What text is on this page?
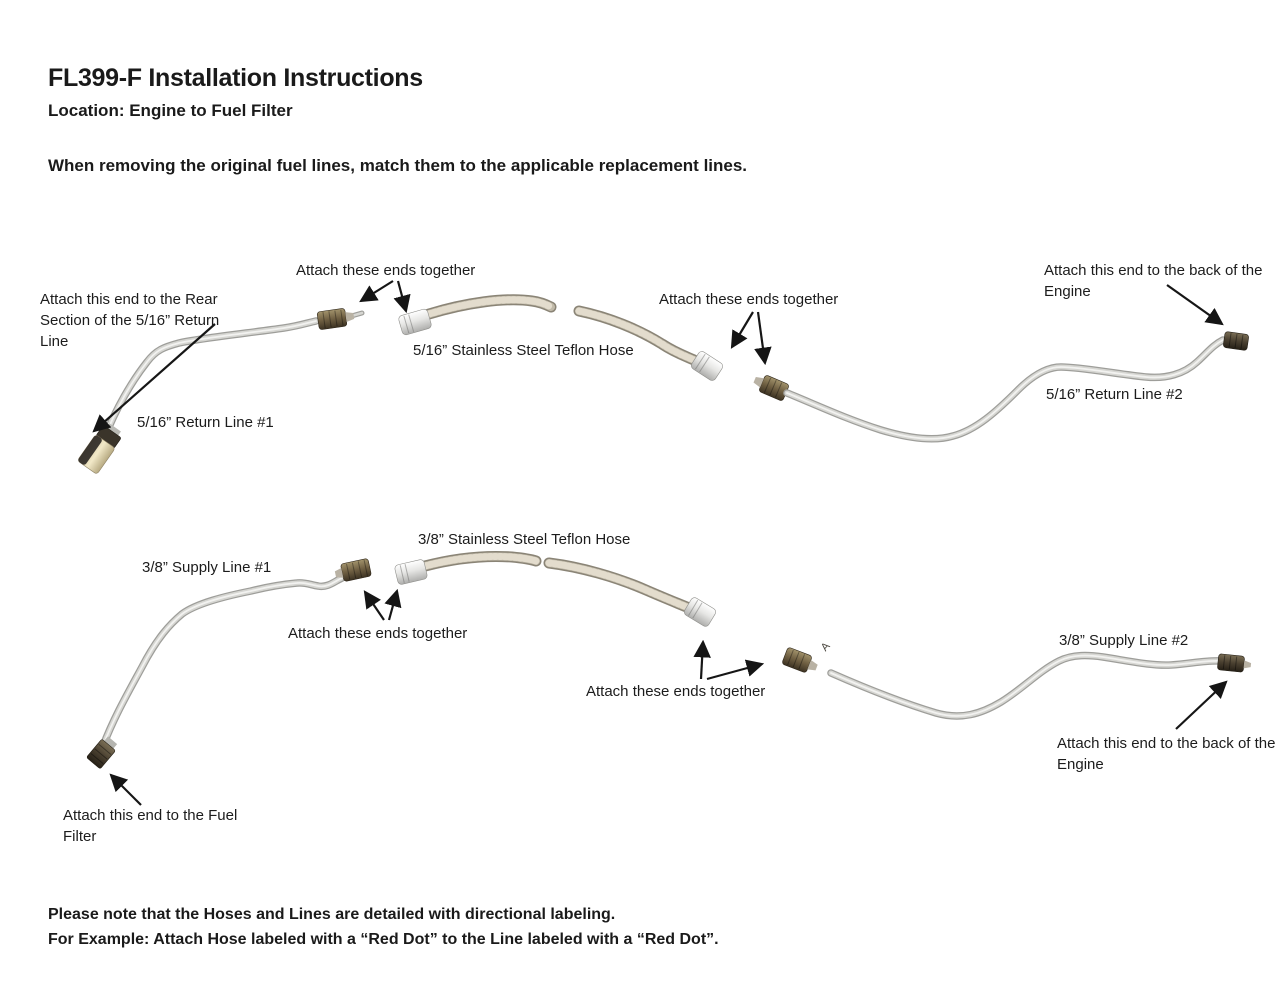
FL399-F Installation Instructions
Location: Engine to Fuel Filter
When removing the original fuel lines, match them to the applicable replacement lines.
Attach these ends together
Attach this end to the Rear Section of the 5/16” Return Line
5/16” Return Line #1
5/16” Stainless Steel Teflon Hose
Attach these ends together
Attach this end to the back of the Engine
5/16” Return Line #2
3/8” Stainless Steel Teflon Hose
3/8” Supply Line #1
Attach these ends together
Attach these ends together
3/8” Supply Line #2
Attach this end to the back of the Engine
Attach this end to the Fuel Filter
A
Please note that the Hoses and Lines are detailed with directional labeling.
For Example: Attach Hose labeled with a “Red Dot” to the Line labeled with a “Red Dot”.
